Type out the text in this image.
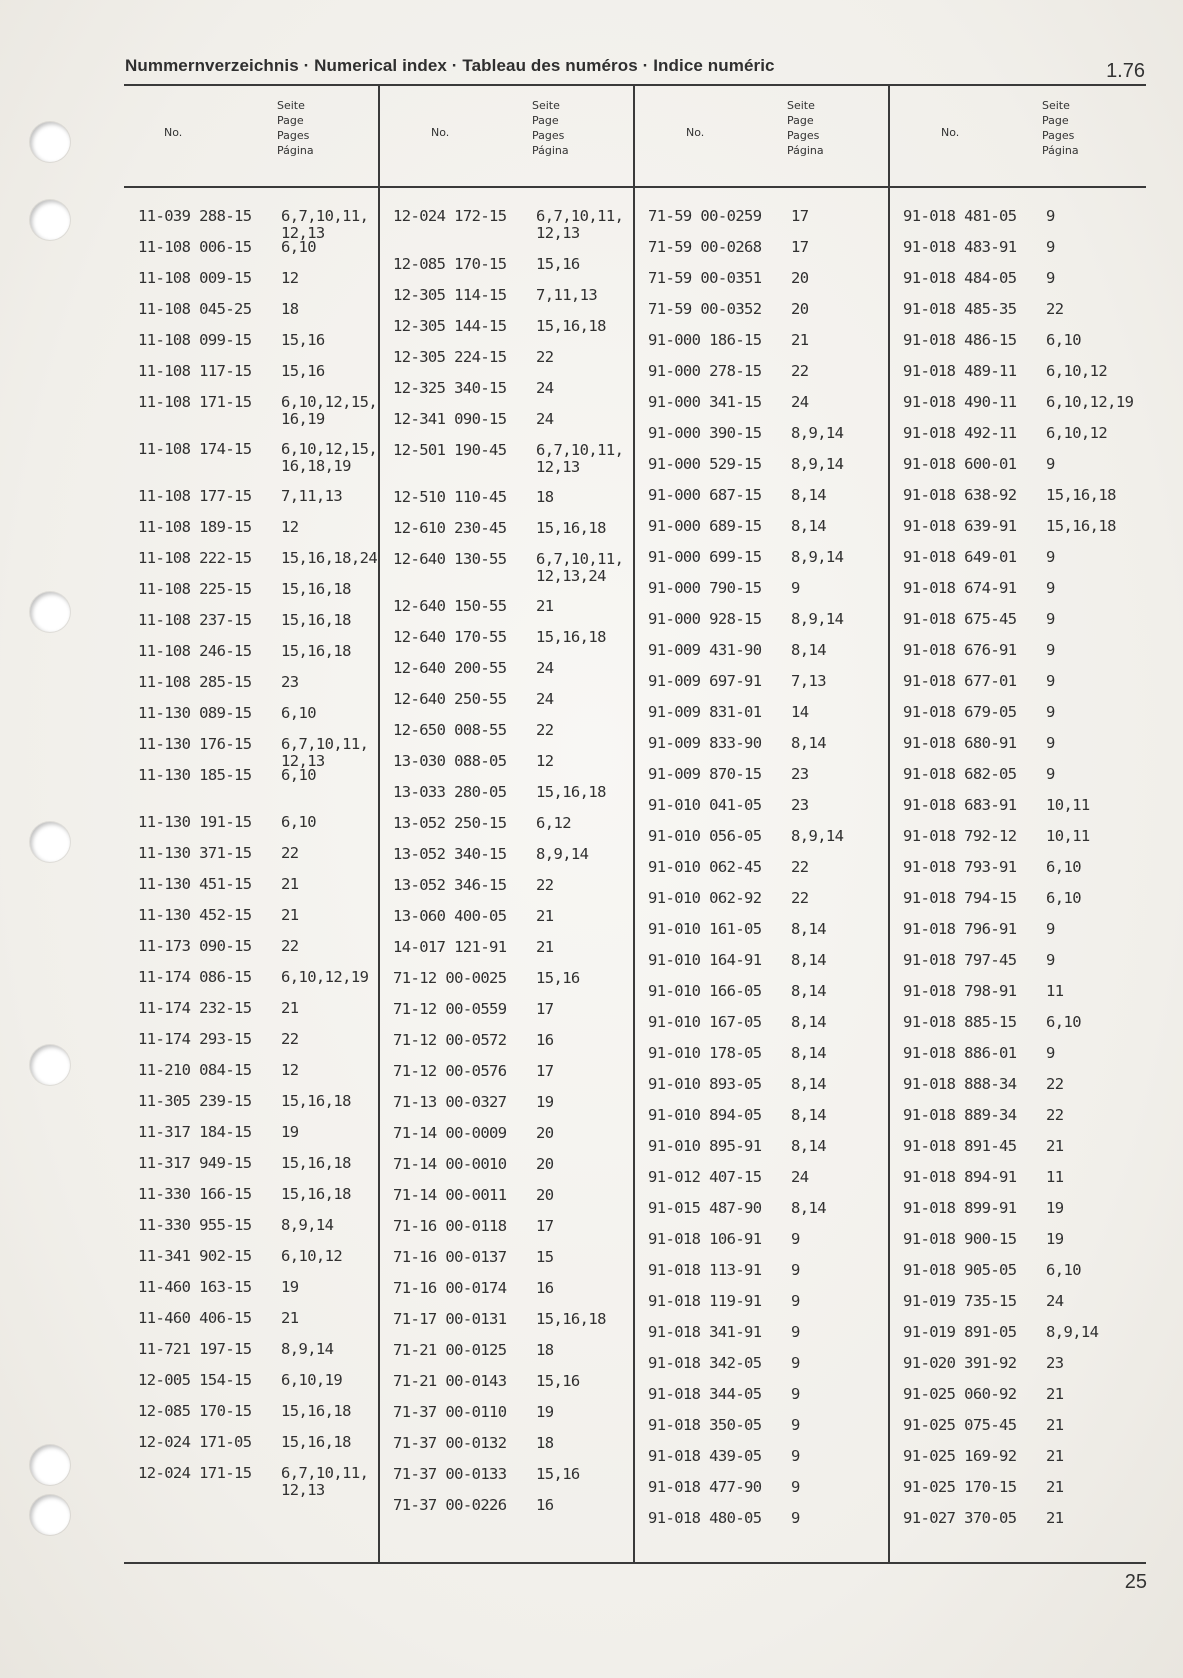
Nummernverzeichnis · Numerical index · Tableau des numéros · Indice numéric	1.76
No.
Seite
Page
Pages
Página
11-039 288-15 6,7,10,11,
12,13
11-108 006-15 6,10
11-108 009-15 12
11-108 045-25 18
11-108 099-15 15,16
11-108 117-15 15,16
11-108 171-15 6,10,12,15,
16,19
11-108 174-15 6,10,12,15,
16,18,19
11-108 177-15 7,11,13
11-108 189-15 12
11-108 222-15 15,16,18,24
11-108 225-15 15,16,18
11-108 237-15 15,16,18
11-108 246-15 15,16,18
11-108 285-15 23
11-130 089-15 6,10
11-130 176-15 6,7,10,11,
12,13
11-130 185-15 6,10
11-130 191-15 6,10
11-130 371-15 22
11-130 451-15 21
11-130 452-15 21
11-173 090-15 22
11-174 086-15 6,10,12,19
11-174 232-15 21
11-174 293-15 22
11-210 084-15 12
11-305 239-15 15,16,18
11-317 184-15 19
11-317 949-15 15,16,18
11-330 166-15 15,16,18
11-330 955-15 8,9,14
11-341 902-15 6,10,12
11-460 163-15 19
11-460 406-15 21
11-721 197-15 8,9,14
12-005 154-15 6,10,19
12-085 170-15 15,16,18
12-024 171-05 15,16,18
12-024 171-15 6,7,10,11,
12,13
No.
Seite
Page
Pages
Página
12-024 172-15 6,7,10,11,
12,13
12-085 170-15 15,16
12-305 114-15 7,11,13
12-305 144-15 15,16,18
12-305 224-15 22
12-325 340-15 24
12-341 090-15 24
12-501 190-45 6,7,10,11,
12,13
12-510 110-45 18
12-610 230-45 15,16,18
12-640 130-55 6,7,10,11,
12,13,24
12-640 150-55 21
12-640 170-55 15,16,18
12-640 200-55 24
12-640 250-55 24
12-650 008-55 22
13-030 088-05 12
13-033 280-05 15,16,18
13-052 250-15 6,12
13-052 340-15 8,9,14
13-052 346-15 22
13-060 400-05 21
14-017 121-91 21
71-12 00-0025 15,16
71-12 00-0559 17
71-12 00-0572 16
71-12 00-0576 17
71-13 00-0327 19
71-14 00-0009 20
71-14 00-0010 20
71-14 00-0011 20
71-16 00-0118 17
71-16 00-0137 15
71-16 00-0174 16
71-17 00-0131 15,16,18
71-21 00-0125 18
71-21 00-0143 15,16
71-37 00-0110 19
71-37 00-0132 18
71-37 00-0133 15,16
71-37 00-0226 16
No.
Seite
Page
Pages
Página
71-59 00-0259 17
71-59 00-0268 17
71-59 00-0351 20
71-59 00-0352 20
91-000 186-15 21
91-000 278-15 22
91-000 341-15 24
91-000 390-15 8,9,14
91-000 529-15 8,9,14
91-000 687-15 8,14
91-000 689-15 8,14
91-000 699-15 8,9,14
91-000 790-15 9
91-000 928-15 8,9,14
91-009 431-90 8,14
91-009 697-91 7,13
91-009 831-01 14
91-009 833-90 8,14
91-009 870-15 23
91-010 041-05 23
91-010 056-05 8,9,14
91-010 062-45 22
91-010 062-92 22
91-010 161-05 8,14
91-010 164-91 8,14
91-010 166-05 8,14
91-010 167-05 8,14
91-010 178-05 8,14
91-010 893-05 8,14
91-010 894-05 8,14
91-010 895-91 8,14
91-012 407-15 24
91-015 487-90 8,14
91-018 106-91 9
91-018 113-91 9
91-018 119-91 9
91-018 341-91 9
91-018 342-05 9
91-018 344-05 9
91-018 350-05 9
91-018 439-05 9
91-018 477-90 9
91-018 480-05 9
No.
Seite
Page
Pages
Página
91-018 481-05 9
91-018 483-91 9
91-018 484-05 9
91-018 485-35 22
91-018 486-15 6,10
91-018 489-11 6,10,12
91-018 490-11 6,10,12,19
91-018 492-11 6,10,12
91-018 600-01 9
91-018 638-92 15,16,18
91-018 639-91 15,16,18
91-018 649-01 9
91-018 674-91 9
91-018 675-45 9
91-018 676-91 9
91-018 677-01 9
91-018 679-05 9
91-018 680-91 9
91-018 682-05 9
91-018 683-91 10,11
91-018 792-12 10,11
91-018 793-91 6,10
91-018 794-15 6,10
91-018 796-91 9
91-018 797-45 9
91-018 798-91 11
91-018 885-15 6,10
91-018 886-01 9
91-018 888-34 22
91-018 889-34 22
91-018 891-45 21
91-018 894-91 11
91-018 899-91 19
91-018 900-15 19
91-018 905-05 6,10
91-019 735-15 24
91-019 891-05 8,9,14
91-020 391-92 23
91-025 060-92 21
91-025 075-45 21
91-025 169-92 21
91-025 170-15 21
91-027 370-05 21
25
